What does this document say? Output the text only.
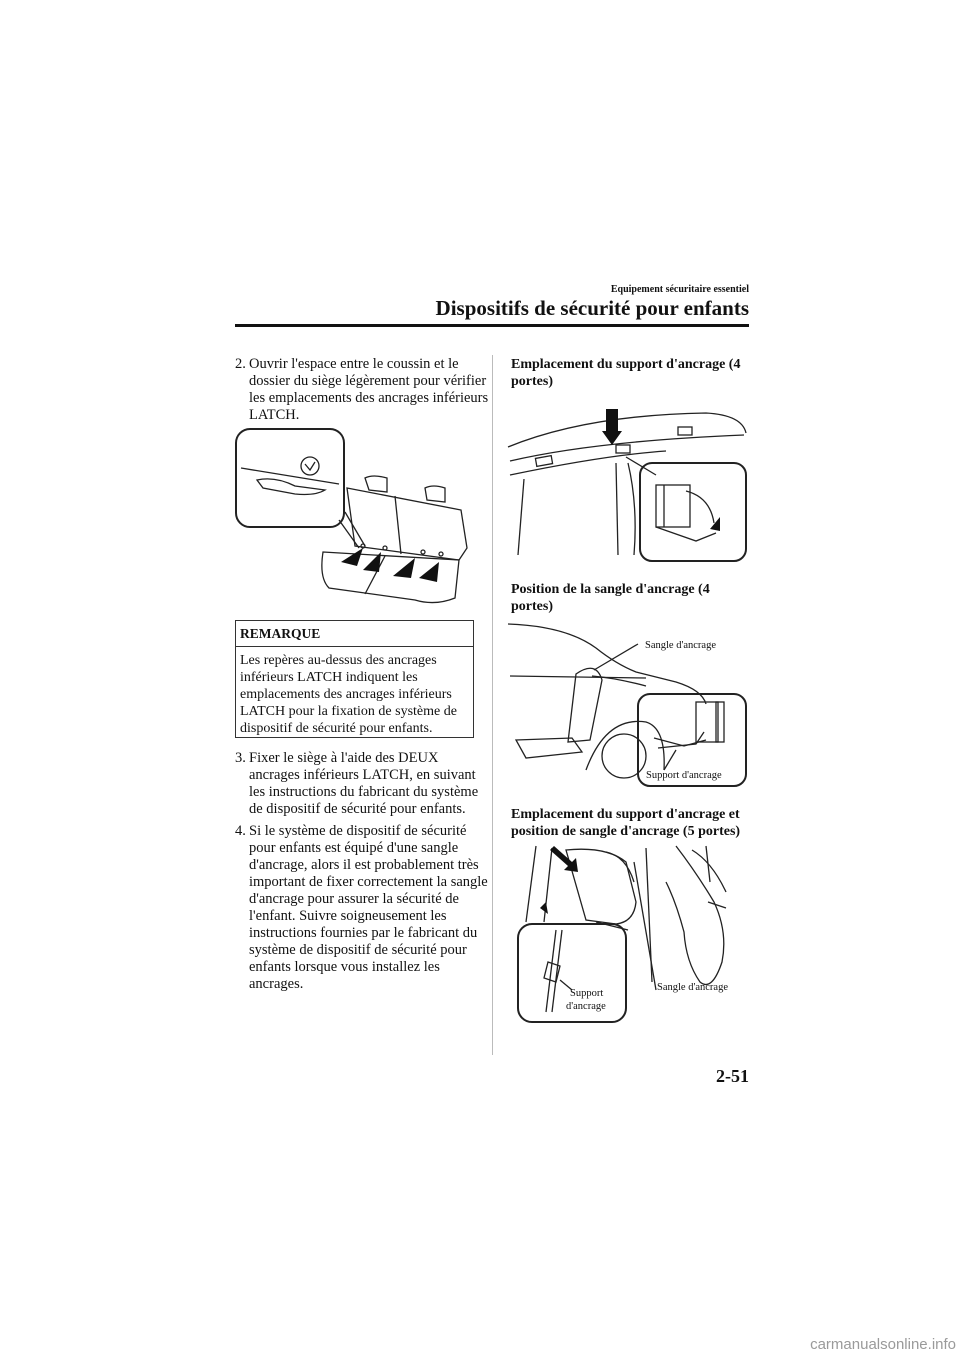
Equipement sécuritaire essentiel
Dispositifs de sécurité pour enfants
2. Ouvrir l'espace entre le coussin et le dossier du siège légèrement pour vérifier les emplacements des ancrages inférieurs LATCH.
REMARQUE
Les repères au-dessus des ancrages inférieurs LATCH indiquent les emplacements des ancrages inférieurs LATCH pour la fixation de système de dispositif de sécurité pour enfants.
3. Fixer le siège à l'aide des DEUX ancrages inférieurs LATCH, en suivant les instructions du fabricant du système de dispositif de sécurité pour enfants.
4. Si le système de dispositif de sécurité pour enfants est équipé d'une sangle d'ancrage, alors il est probablement très important de fixer correctement la sangle d'ancrage pour assurer la sécurité de l'enfant. Suivre soigneusement les instructions fournies par le fabricant du système de dispositif de sécurité pour enfants lorsque vous installez les ancrages.
Emplacement du support d'ancrage (4 portes)
Position de la sangle d'ancrage (4 portes)
Sangle d'ancrage
Support d'ancrage
Emplacement du support d'ancrage et position de sangle d'ancrage (5 portes)
Support
d'ancrage
Sangle d'ancrage
2-51
carmanualsonline.info
